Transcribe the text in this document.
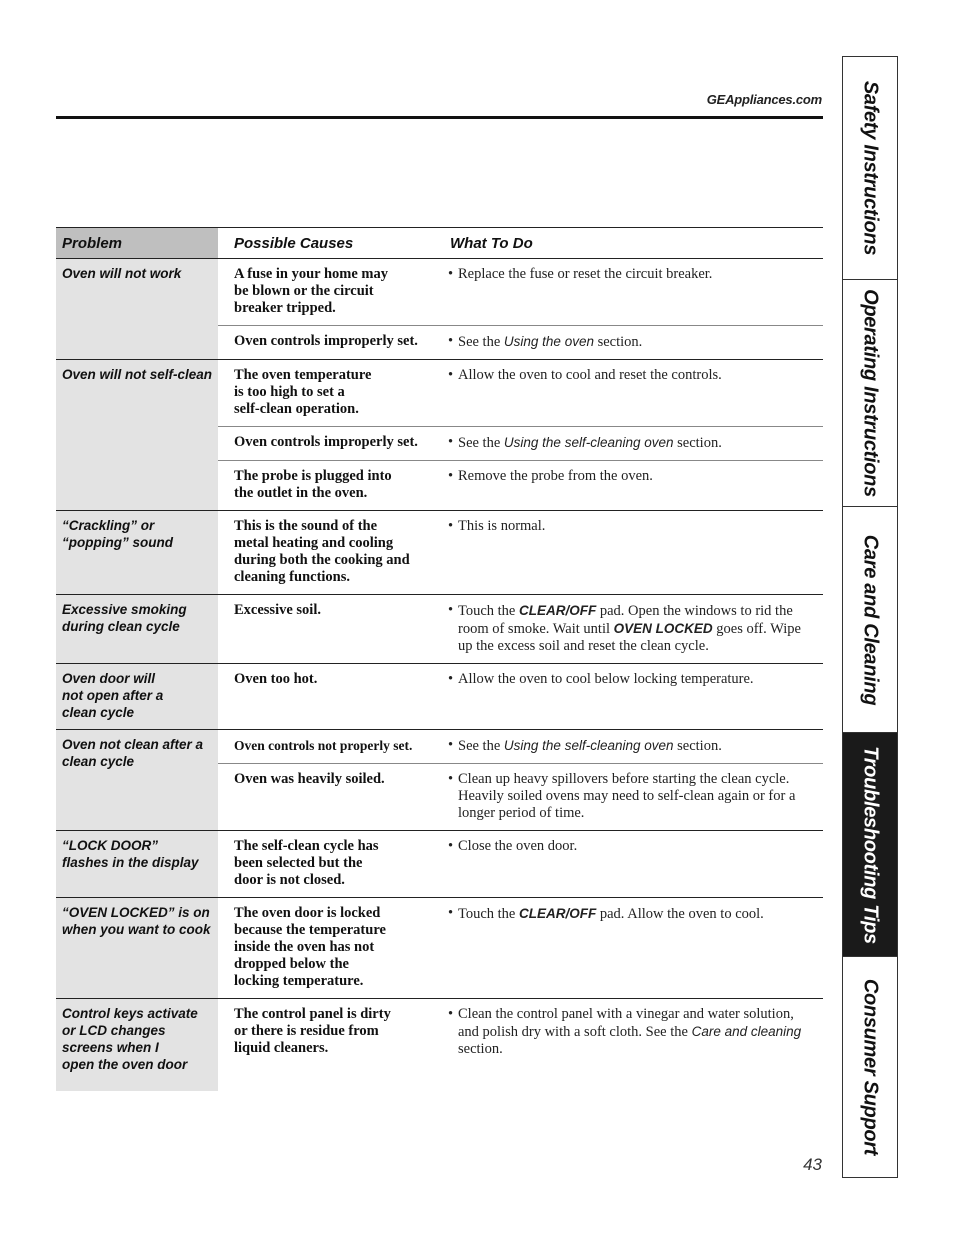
GEAppliances.com
Problem	Possible Causes	What To Do
Oven will not work	A fuse in your home may
be blown or the circuit
breaker tripped.	• Replace the fuse or reset the circuit breaker.

	Oven controls improperly set.	• See the Using the oven section.

Oven will not self-clean	The oven temperature
is too high to set a
self-clean operation.	• Allow the oven to cool and reset the controls.

	Oven controls improperly set.	• See the Using the self-cleaning oven section.

	The probe is plugged into
the outlet in the oven.	• Remove the probe from the oven.

“Crackling” or
“popping” sound	This is the sound of the
metal heating and cooling
during both the cooking and
cleaning functions.	• This is normal.

Excessive smoking
during clean cycle	Excessive soil.	• Touch the CLEAR/OFF pad. Open the windows to rid the room of smoke. Wait until OVEN LOCKED goes off. Wipe up the excess soil and reset the clean cycle.

Oven door will
not open after a
clean cycle	Oven too hot.	• Allow the oven to cool below locking temperature.

Oven not clean after a
clean cycle	Oven controls not properly set.	• See the Using the self-cleaning oven section.

	Oven was heavily soiled.	• Clean up heavy spillovers before starting the clean cycle. Heavily soiled ovens may need to self-clean again or for a longer period of time.

“LOCK DOOR”
flashes in the display	The self-clean cycle has
been selected but the
door is not closed.	• Close the oven door.

“OVEN LOCKED” is on
when you want to cook	The oven door is locked
because the temperature
inside the oven has not
dropped below the
locking temperature.	• Touch the CLEAR/OFF pad. Allow the oven to cool.

Control keys activate
or LCD changes
screens when I
open the oven door	The control panel is dirty
or there is residue from
liquid cleaners.	• Clean the control panel with a vinegar and water solution, and polish dry with a soft cloth. See the Care and cleaning section.
Safety Instructions
Operating Instructions
Care and Cleaning
Troubleshooting Tips
Consumer Support
43
